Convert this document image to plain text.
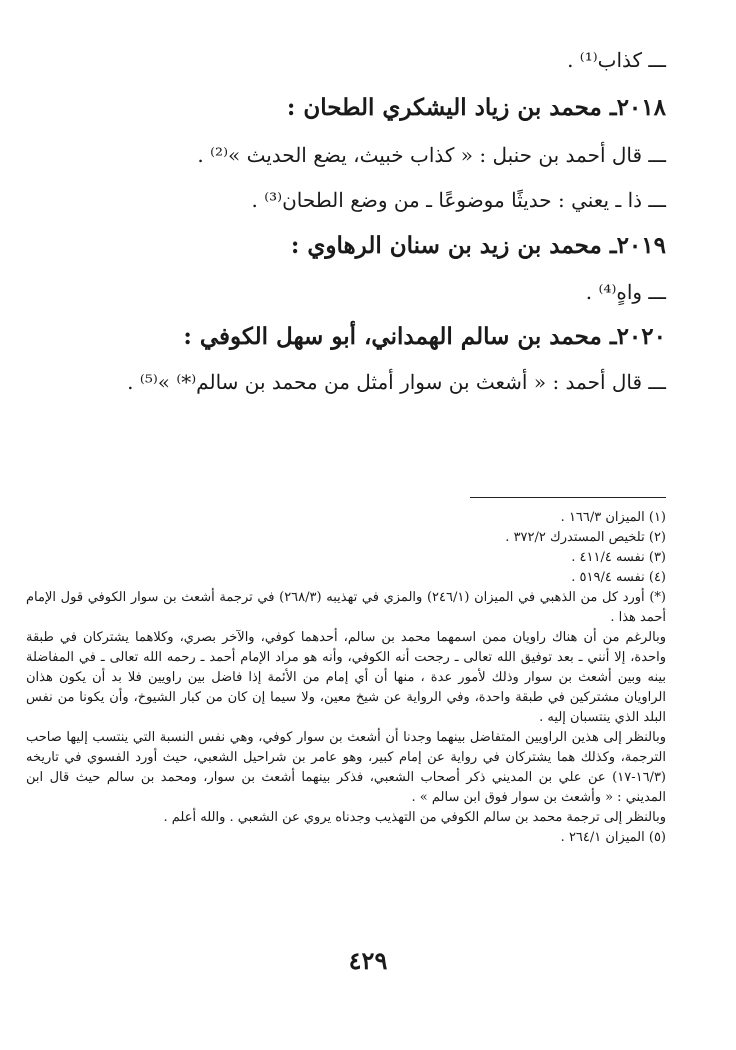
ـــ كذاب⁽¹⁾ .
٢٠١٨ـ محمد بن زياد اليشكري الطحان :
ـــ قال أحمد بن حنبل : « كذاب خبيث، يضع الحديث »⁽²⁾ .
ـــ ذا ـ يعني : حديثًا موضوعًا ـ من وضع الطحان⁽³⁾ .
٢٠١٩ـ محمد بن زيد بن سنان الرهاوي :
ـــ واهٍ⁽⁴⁾ .
٢٠٢٠ـ محمد بن سالم الهمداني، أبو سهل الكوفي :
ـــ قال أحمد : « أشعث بن سوار أمثل من محمد بن سالم⁽*⁾ »⁽⁵⁾ .

(١) الميزان ١٦٦/٣ .

(٢) تلخيص المستدرك ٣٧٢/٢ .

(٣) نفسه ٤١١/٤ .

(٤) نفسه ٥١٩/٤ .

(*) أورد كل من الذهبي في الميزان (٢٤٦/١) والمزي في تهذيبه (٢٦٨/٣) في ترجمة أشعث بن سوار الكوفي قول الإمام أحمد هذا .

وبالرغم من أن هناك راويان ممن اسمهما محمد بن سالم، أحدهما كوفي، والآخر بصري، وكلاهما يشتركان في طبقة واحدة، إلا أنني ـ بعد توفيق الله تعالى ـ رجحت أنه الكوفي، وأنه هو مراد الإمام أحمد ـ رحمه الله تعالى ـ في المفاضلة بينه وبين أشعث بن سوار وذلك لأمور عدة ، منها أن أي إمام من الأئمة إذا فاضل بين راويين فلا بد أن يكون هذان الراويان مشتركين في طبقة واحدة، وفي الرواية عن شيخ معين، ولا سيما إن كان من كبار الشيوخ، وأن يكونا من نفس البلد الذي ينتسبان إليه .

وبالنظر إلى هذين الراويين المتفاضل بينهما وجدنا أن أشعث بن سوار كوفي، وهي نفس النسبة التي ينتسب إليها صاحب الترجمة، وكذلك هما يشتركان في رواية عن إمام كبير، وهو عامر بن شراحيل الشعبي، حيث أورد الفسوي في تاريخه (١٦/٣-١٧) عن علي بن المديني ذكر أصحاب الشعبي، فذكر بينهما أشعث بن سوار، ومحمد بن سالم حيث قال ابن المديني : « وأشعث بن سوار فوق ابن سالم » .

وبالنظر إلى ترجمة محمد بن سالم الكوفي من التهذيب وجدناه يروي عن الشعبي . والله أعلم .

(٥) الميزان ٢٦٤/١ .

٤٢٩
